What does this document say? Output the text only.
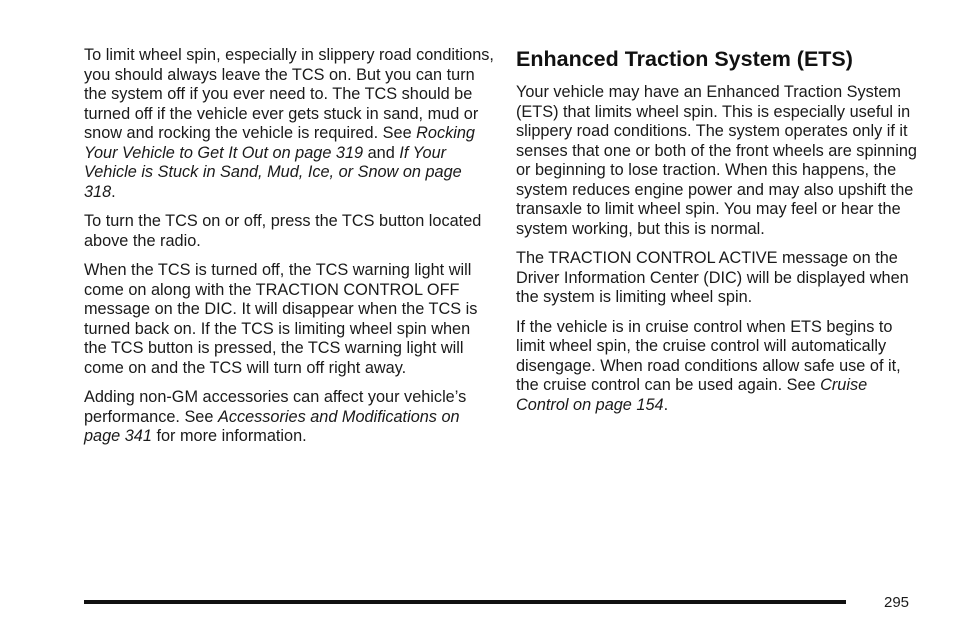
To limit wheel spin, especially in slippery road conditions, you should always leave the TCS on. But you can turn the system off if you ever need to. The TCS should be turned off if the vehicle ever gets stuck in sand, mud or snow and rocking the vehicle is required. See Rocking Your Vehicle to Get It Out on page 319 and If Your Vehicle is Stuck in Sand, Mud, Ice, or Snow on page 318.

To turn the TCS on or off, press the TCS button located above the radio.

When the TCS is turned off, the TCS warning light will come on along with the TRACTION CONTROL OFF message on the DIC. It will disappear when the TCS is turned back on. If the TCS is limiting wheel spin when the TCS button is pressed, the TCS warning light will come on and the TCS will turn off right away.

Adding non-GM accessories can affect your vehicle’s performance. See Accessories and Modifications on page 341 for more information.

Enhanced Traction System (ETS)

Your vehicle may have an Enhanced Traction System (ETS) that limits wheel spin. This is especially useful in slippery road conditions. The system operates only if it senses that one or both of the front wheels are spinning or beginning to lose traction. When this happens, the system reduces engine power and may also upshift the transaxle to limit wheel spin. You may feel or hear the system working, but this is normal.

The TRACTION CONTROL ACTIVE message on the Driver Information Center (DIC) will be displayed when the system is limiting wheel spin.

If the vehicle is in cruise control when ETS begins to limit wheel spin, the cruise control will automatically disengage. When road conditions allow safe use of it, the cruise control can be used again. See Cruise Control on page 154.

295
